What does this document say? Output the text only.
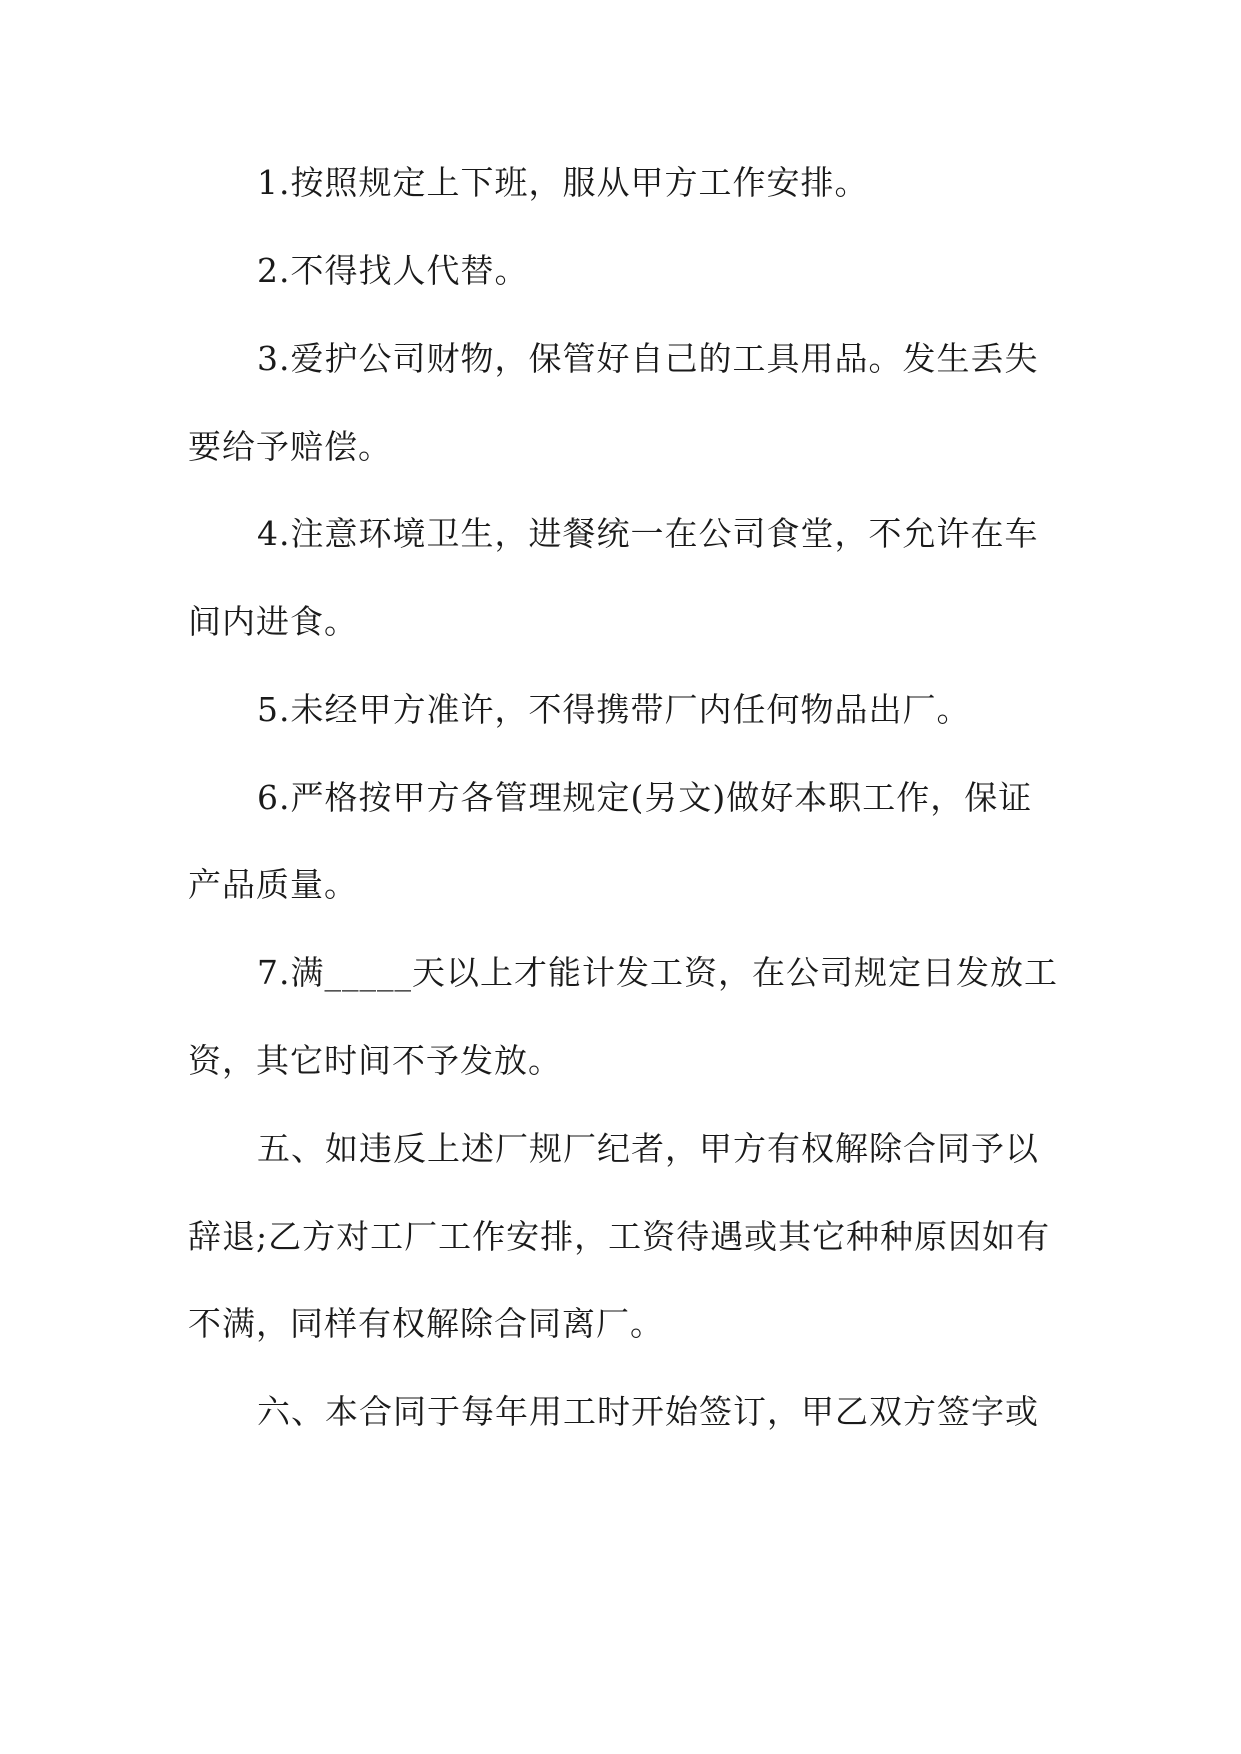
1.按照规定上下班，服从甲方工作安排。
2.不得找人代替。
3.爱护公司财物，保管好自己的工具用品。发生丢失
要给予赔偿。
4.注意环境卫生，进餐统一在公司食堂，不允许在车
间内进食。
5.未经甲方准许，不得携带厂内任何物品出厂。
6.严格按甲方各管理规定(另文)做好本职工作，保证
产品质量。
7.满_____天以上才能计发工资，在公司规定日发放工
资，其它时间不予发放。
五、如违反上述厂规厂纪者，甲方有权解除合同予以
辞退;乙方对工厂工作安排，工资待遇或其它种种原因如有
不满，同样有权解除合同离厂。
六、本合同于每年用工时开始签订，甲乙双方签字或
